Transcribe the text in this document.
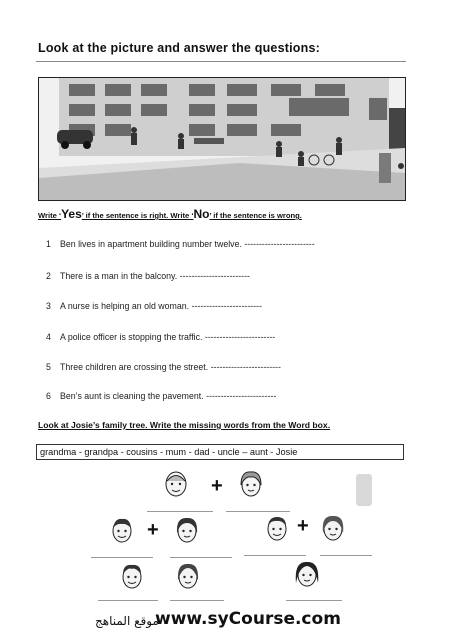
Look at the picture and answer the questions:
Write ‘Yes’ if the sentence is right. Write ‘No’ if the sentence is wrong.
1 Ben lives in apartment building number twelve. ------------------------
2 There is a man in the balcony. ------------------------
3 A nurse is helping an old woman. ------------------------
4 A police officer is stopping the traffic. ------------------------
5 Three children are crossing the street. ------------------------
6 Ben’s aunt is cleaning the pavement. ------------------------
Look at Josie’s family tree. Write the missing words from the Word box.
grandma - grandpa - cousins - mum - dad - uncle – aunt - Josie
+
+	+
موقع المناهج
www.syCourse.com
